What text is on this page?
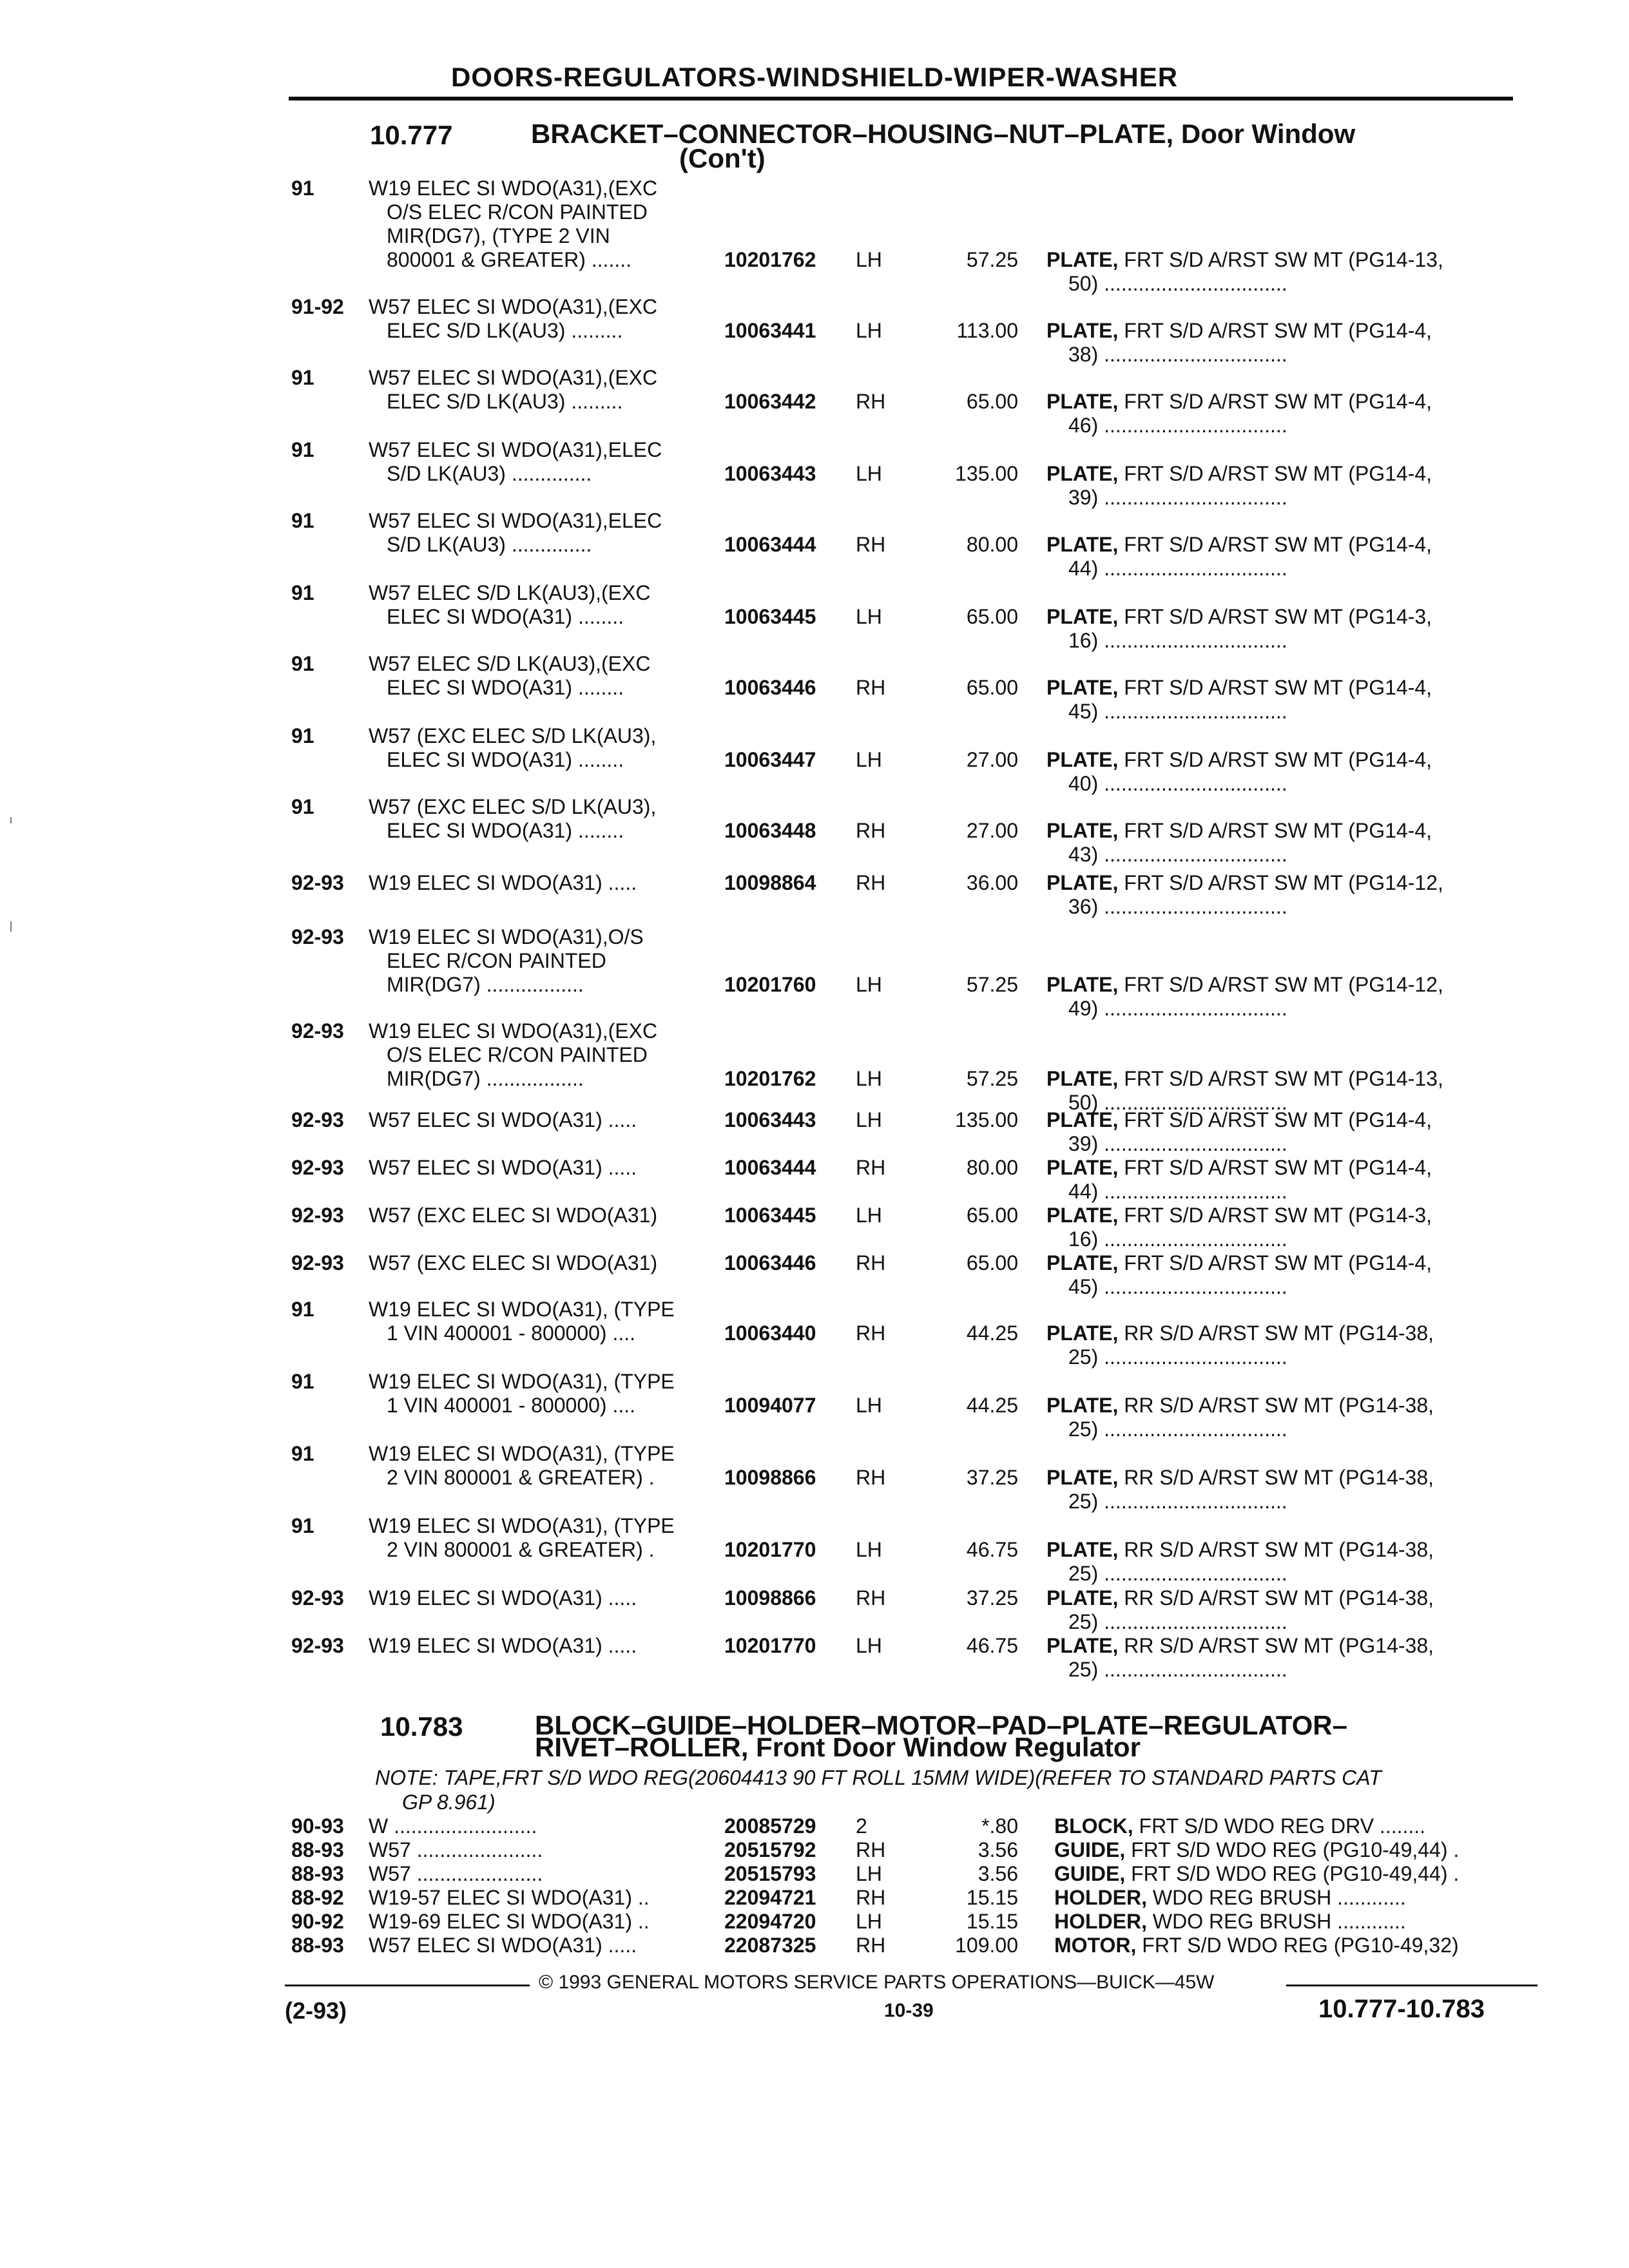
DOORS-REGULATORS-WINDSHIELD-WIPER-WASHER
10.777	BRACKET–CONNECTOR–HOUSING–NUT–PLATE, Door Window
(Con't)
91	W19 ELEC SI WDO(A31),(EXC
O/S ELEC R/CON PAINTED
MIR(DG7), (TYPE 2 VIN
800001 & GREATER) .......	10201762 LH	57.25 PLATE, FRT S/D A/RST SW MT (PG14-13,
50) ................................
91-92 W57 ELEC SI WDO(A31),(EXC
ELEC S/D LK(AU3) .........	10063441 LH	113.00 PLATE, FRT S/D A/RST SW MT (PG14-4,
38) ................................
91	W57 ELEC SI WDO(A31),(EXC
ELEC S/D LK(AU3) .........	10063442 RH	65.00 PLATE, FRT S/D A/RST SW MT (PG14-4,
46) ................................
91	W57 ELEC SI WDO(A31),ELEC
S/D LK(AU3) ..............	10063443 LH	135.00 PLATE, FRT S/D A/RST SW MT (PG14-4,
39) ................................
91	W57 ELEC SI WDO(A31),ELEC
S/D LK(AU3) ..............	10063444 RH	80.00 PLATE, FRT S/D A/RST SW MT (PG14-4,
44) ................................
91	W57 ELEC S/D LK(AU3),(EXC
ELEC SI WDO(A31) ........	10063445 LH	65.00 PLATE, FRT S/D A/RST SW MT (PG14-3,
16) ................................
91	W57 ELEC S/D LK(AU3),(EXC
ELEC SI WDO(A31) ........	10063446 RH	65.00 PLATE, FRT S/D A/RST SW MT (PG14-4,
45) ................................
91	W57 (EXC ELEC S/D LK(AU3),
ELEC SI WDO(A31) ........	10063447 LH	27.00 PLATE, FRT S/D A/RST SW MT (PG14-4,
40) ................................
91	W57 (EXC ELEC S/D LK(AU3),
ELEC SI WDO(A31) ........	10063448 RH	27.00 PLATE, FRT S/D A/RST SW MT (PG14-4,
43) ................................
92-93 W19 ELEC SI WDO(A31) .....	10098864 RH	36.00 PLATE, FRT S/D A/RST SW MT (PG14-12,
36) ................................
92-93 W19 ELEC SI WDO(A31),O/S
ELEC R/CON PAINTED
MIR(DG7) .................	10201760 LH	57.25 PLATE, FRT S/D A/RST SW MT (PG14-12,
49) ................................
92-93 W19 ELEC SI WDO(A31),(EXC
O/S ELEC R/CON PAINTED
MIR(DG7) .................	10201762 LH	57.25 PLATE, FRT S/D A/RST SW MT (PG14-13,
50) ................................
92-93 W57 ELEC SI WDO(A31) .....	10063443 LH	135.00 PLATE, FRT S/D A/RST SW MT (PG14-4,
39) ................................
92-93 W57 ELEC SI WDO(A31) .....	10063444 RH	80.00 PLATE, FRT S/D A/RST SW MT (PG14-4,
44) ................................
92-93 W57 (EXC ELEC SI WDO(A31)	10063445 LH	65.00 PLATE, FRT S/D A/RST SW MT (PG14-3,
16) ................................
92-93 W57 (EXC ELEC SI WDO(A31)	10063446 RH	65.00 PLATE, FRT S/D A/RST SW MT (PG14-4,
45) ................................
91	W19 ELEC SI WDO(A31), (TYPE
1 VIN 400001 - 800000) ....	10063440 RH	44.25 PLATE, RR S/D A/RST SW MT (PG14-38,
25) ................................
91	W19 ELEC SI WDO(A31), (TYPE
1 VIN 400001 - 800000) ....	10094077 LH	44.25 PLATE, RR S/D A/RST SW MT (PG14-38,
25) ................................
91	W19 ELEC SI WDO(A31), (TYPE
2 VIN 800001 & GREATER) .	10098866 RH	37.25 PLATE, RR S/D A/RST SW MT (PG14-38,
25) ................................
91	W19 ELEC SI WDO(A31), (TYPE
2 VIN 800001 & GREATER) .	10201770 LH	46.75 PLATE, RR S/D A/RST SW MT (PG14-38,
25) ................................
92-93 W19 ELEC SI WDO(A31) .....	10098866 RH	37.25 PLATE, RR S/D A/RST SW MT (PG14-38,
25) ................................
92-93 W19 ELEC SI WDO(A31) .....	10201770 LH	46.75 PLATE, RR S/D A/RST SW MT (PG14-38,
25) ................................
10.783	BLOCK–GUIDE–HOLDER–MOTOR–PAD–PLATE–REGULATOR–
RIVET–ROLLER, Front Door Window Regulator
NOTE: TAPE,FRT S/D WDO REG(20604413 90 FT ROLL 15MM WIDE)(REFER TO STANDARD PARTS CAT
GP 8.961)
90-93 W .........................	20085729 2	*.80 BLOCK, FRT S/D WDO REG DRV ........
88-93 W57 ......................	20515792 RH	3.56 GUIDE, FRT S/D WDO REG (PG10-49,44) .
88-93 W57 ......................	20515793 LH	3.56 GUIDE, FRT S/D WDO REG (PG10-49,44) .
88-92 W19-57 ELEC SI WDO(A31) ..	22094721 RH	15.15 HOLDER, WDO REG BRUSH ............
90-92 W19-69 ELEC SI WDO(A31) ..	22094720 LH	15.15 HOLDER, WDO REG BRUSH ............
88-93 W57 ELEC SI WDO(A31) .....	22087325 RH	109.00 MOTOR, FRT S/D WDO REG (PG10-49,32)
© 1993 GENERAL MOTORS SERVICE PARTS OPERATIONS—BUICK—45W
(2-93)	10-39	10.777-10.783
